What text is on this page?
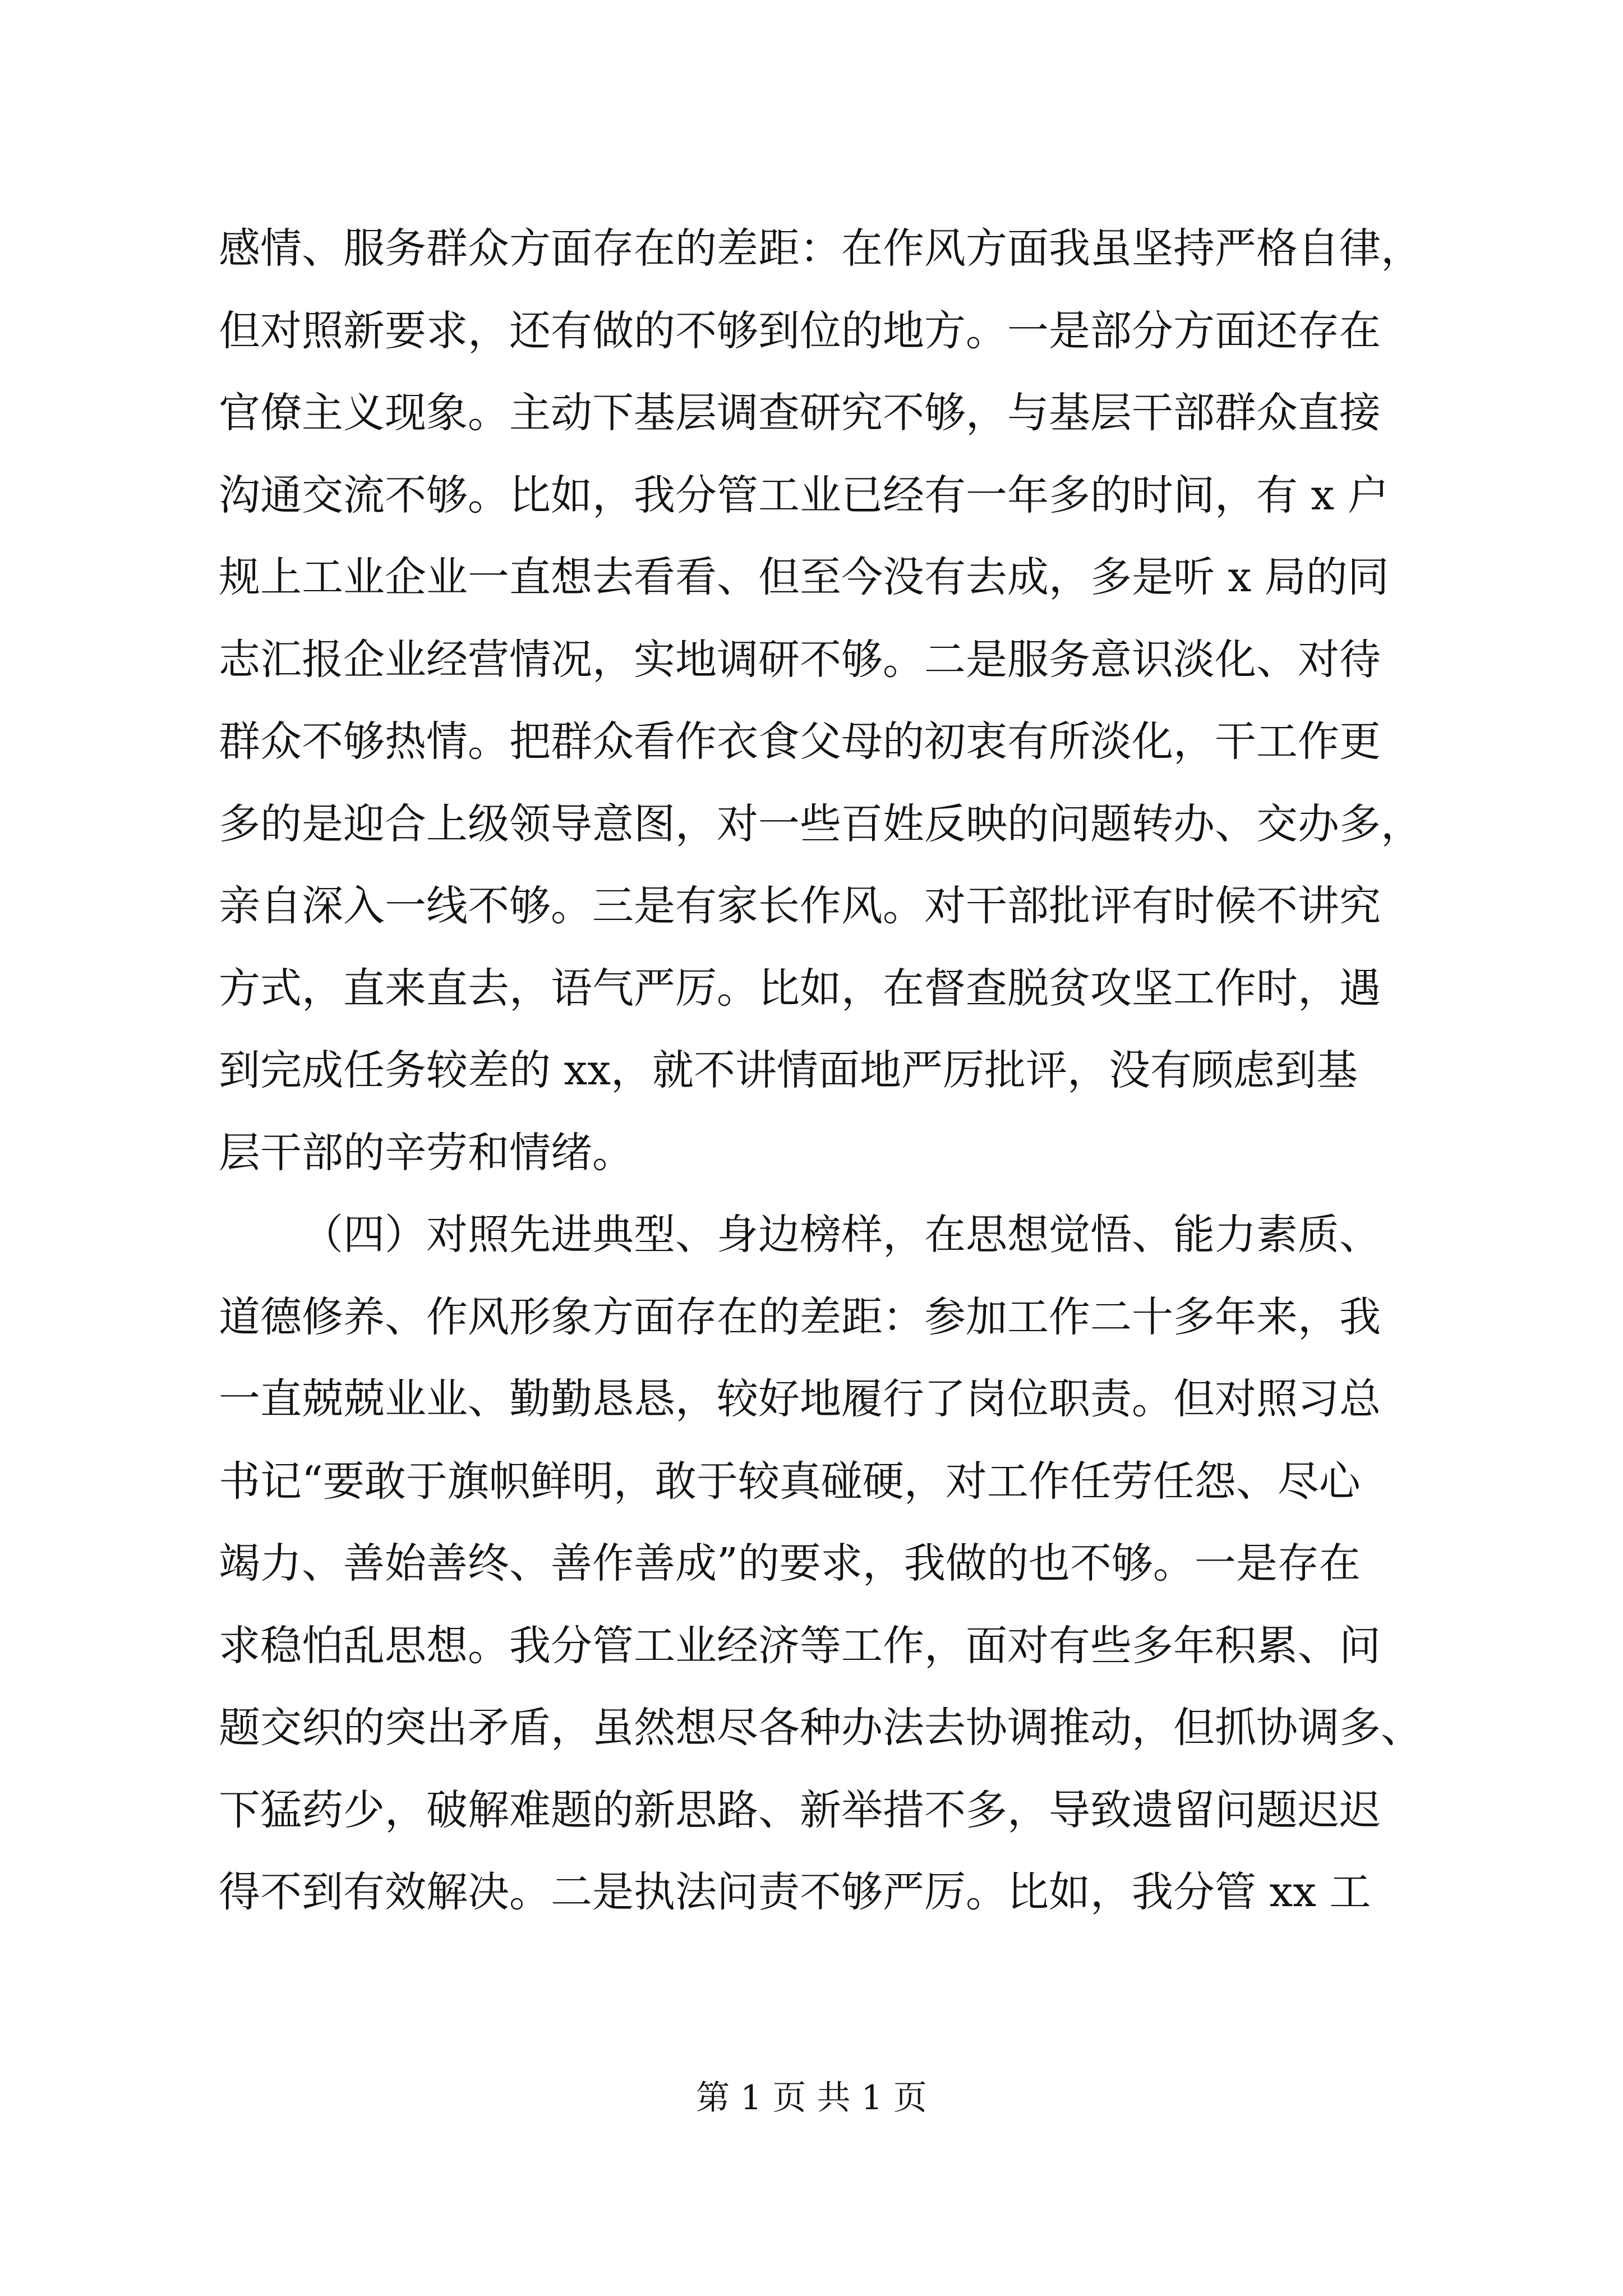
感情、服务群众方面存在的差距：在作风方面我虽坚持严格自律，
但对照新要求，还有做的不够到位的地方。一是部分方面还存在
官僚主义现象。主动下基层调查研究不够，与基层干部群众直接
沟通交流不够。比如，我分管工业已经有一年多的时间，有 x 户
规上工业企业一直想去看看、但至今没有去成，多是听 x 局的同
志汇报企业经营情况，实地调研不够。二是服务意识淡化、对待
群众不够热情。把群众看作衣食父母的初衷有所淡化，干工作更
多的是迎合上级领导意图，对一些百姓反映的问题转办、交办多，
亲自深入一线不够。三是有家长作风。对干部批评有时候不讲究
方式，直来直去，语气严厉。比如，在督查脱贫攻坚工作时，遇
到完成任务较差的 xx，就不讲情面地严厉批评，没有顾虑到基
层干部的辛劳和情绪。
（四）对照先进典型、身边榜样，在思想觉悟、能力素质、
道德修养、作风形象方面存在的差距：参加工作二十多年来，我
一直兢兢业业、勤勤恳恳，较好地履行了岗位职责。但对照习总
书记“要敢于旗帜鲜明，敢于较真碰硬，对工作任劳任怨、尽心
竭力、善始善终、善作善成”的要求，我做的也不够。一是存在
求稳怕乱思想。我分管工业经济等工作，面对有些多年积累、问
题交织的突出矛盾，虽然想尽各种办法去协调推动，但抓协调多、
下猛药少，破解难题的新思路、新举措不多，导致遗留问题迟迟
得不到有效解决。二是执法问责不够严厉。比如，我分管 xx 工
第 1 页 共 1 页
